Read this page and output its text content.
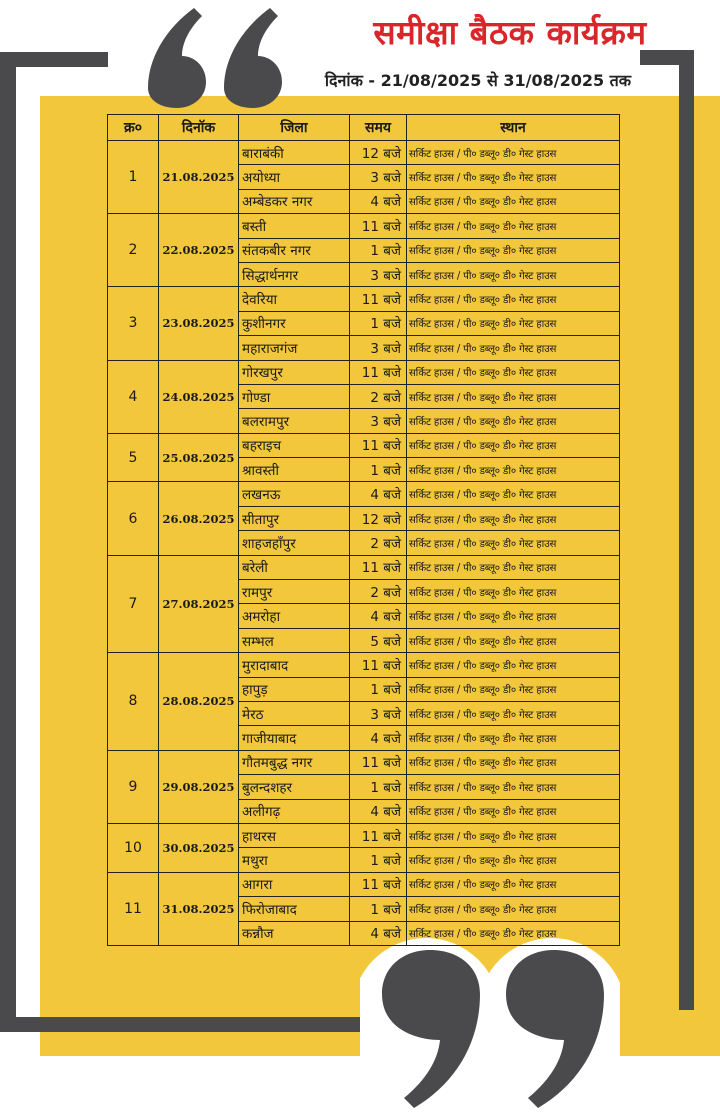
समीक्षा बैठक कार्यक्रम
दिनांक - 21/08/2025 से 31/08/2025 तक
क्र०	दिनॉक	जिला	समय	स्थान
1	21.08.2025	बाराबंकी	12 बजे	सर्किट हाउस / पी० डब्लू० डी० गेस्ट हाउस
		अयोध्या	3 बजे	सर्किट हाउस / पी० डब्लू० डी० गेस्ट हाउस
		अम्बेडकर नगर	4 बजे	सर्किट हाउस / पी० डब्लू० डी० गेस्ट हाउस
2	22.08.2025	बस्ती	11 बजे	सर्किट हाउस / पी० डब्लू० डी० गेस्ट हाउस
		संतकबीर नगर	1 बजे	सर्किट हाउस / पी० डब्लू० डी० गेस्ट हाउस
		सिद्धार्थनगर	3 बजे	सर्किट हाउस / पी० डब्लू० डी० गेस्ट हाउस
3	23.08.2025	देवरिया	11 बजे	सर्किट हाउस / पी० डब्लू० डी० गेस्ट हाउस
		कुशीनगर	1 बजे	सर्किट हाउस / पी० डब्लू० डी० गेस्ट हाउस
		महाराजगंज	3 बजे	सर्किट हाउस / पी० डब्लू० डी० गेस्ट हाउस
4	24.08.2025	गोरखपुर	11 बजे	सर्किट हाउस / पी० डब्लू० डी० गेस्ट हाउस
		गोण्डा	2 बजे	सर्किट हाउस / पी० डब्लू० डी० गेस्ट हाउस
		बलरामपुर	3 बजे	सर्किट हाउस / पी० डब्लू० डी० गेस्ट हाउस
5	25.08.2025	बहराइच	11 बजे	सर्किट हाउस / पी० डब्लू० डी० गेस्ट हाउस
		श्रावस्ती	1 बजे	सर्किट हाउस / पी० डब्लू० डी० गेस्ट हाउस
6	26.08.2025	लखनऊ	4 बजे	सर्किट हाउस / पी० डब्लू० डी० गेस्ट हाउस
		सीतापुर	12 बजे	सर्किट हाउस / पी० डब्लू० डी० गेस्ट हाउस
		शाहजहाँपुर	2 बजे	सर्किट हाउस / पी० डब्लू० डी० गेस्ट हाउस
7	27.08.2025	बरेली	11 बजे	सर्किट हाउस / पी० डब्लू० डी० गेस्ट हाउस
		रामपुर	2 बजे	सर्किट हाउस / पी० डब्लू० डी० गेस्ट हाउस
		अमरोहा	4 बजे	सर्किट हाउस / पी० डब्लू० डी० गेस्ट हाउस
		सम्भल	5 बजे	सर्किट हाउस / पी० डब्लू० डी० गेस्ट हाउस
8	28.08.2025	मुरादाबाद	11 बजे	सर्किट हाउस / पी० डब्लू० डी० गेस्ट हाउस
		हापुड़	1 बजे	सर्किट हाउस / पी० डब्लू० डी० गेस्ट हाउस
		मेरठ	3 बजे	सर्किट हाउस / पी० डब्लू० डी० गेस्ट हाउस
		गाजीयाबाद	4 बजे	सर्किट हाउस / पी० डब्लू० डी० गेस्ट हाउस
9	29.08.2025	गौतमबुद्ध नगर	11 बजे	सर्किट हाउस / पी० डब्लू० डी० गेस्ट हाउस
		बुलन्दशहर	1 बजे	सर्किट हाउस / पी० डब्लू० डी० गेस्ट हाउस
		अलीगढ़	4 बजे	सर्किट हाउस / पी० डब्लू० डी० गेस्ट हाउस
10	30.08.2025	हाथरस	11 बजे	सर्किट हाउस / पी० डब्लू० डी० गेस्ट हाउस
		मथुरा	1 बजे	सर्किट हाउस / पी० डब्लू० डी० गेस्ट हाउस
11	31.08.2025	आगरा	11 बजे	सर्किट हाउस / पी० डब्लू० डी० गेस्ट हाउस
		फिरोजाबाद	1 बजे	सर्किट हाउस / पी० डब्लू० डी० गेस्ट हाउस
		कन्नौज	4 बजे	सर्किट हाउस / पी० डब्लू० डी० गेस्ट हाउस
